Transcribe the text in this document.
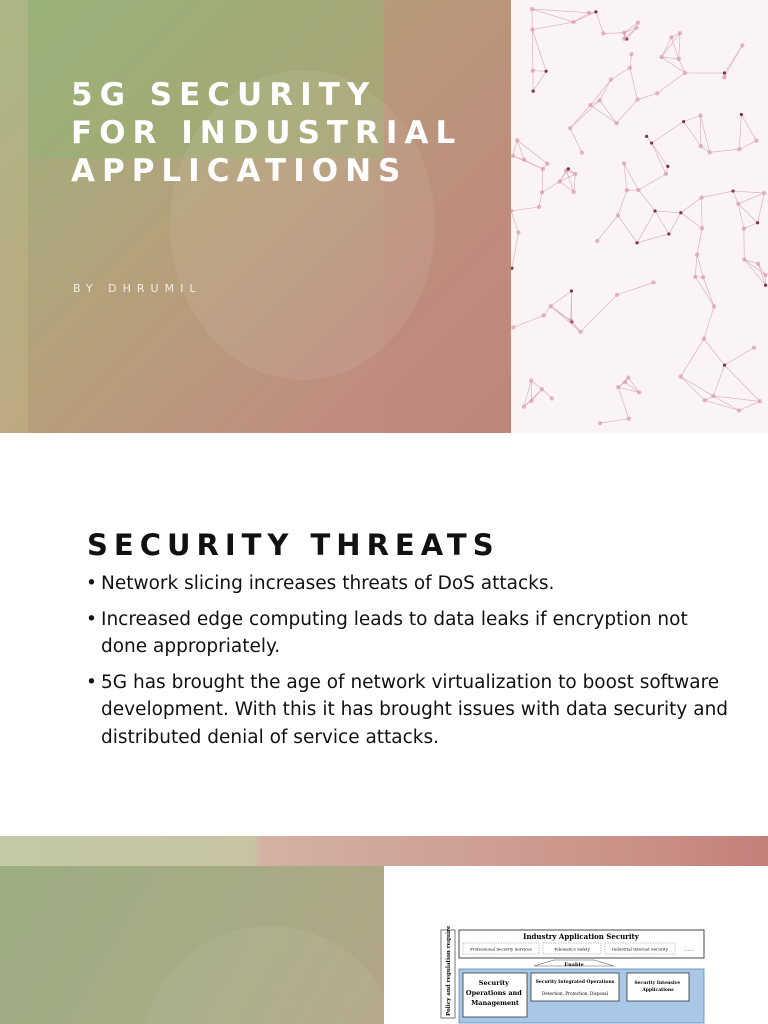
5G SECURITY
FOR INDUSTRIAL
APPLICATIONS
BY DHRUMIL
SECURITY THREATS
• Network slicing increases threats of DoS attacks.
• Increased edge computing leads to data leaks if encryption not done appropriately.
• 5G has brought the age of network virtualization to boost software development. With this it has brought issues with data security and distributed denial of service attacks.
Policy and regulation requirements	Industry Application Security
Professional Security Services	Telematics Safety	Industrial Internet Security	……
Enable
Security Operations and Management
Security Integrated Operations
Detection, Protection, Disposal
Security Intensive Applications
